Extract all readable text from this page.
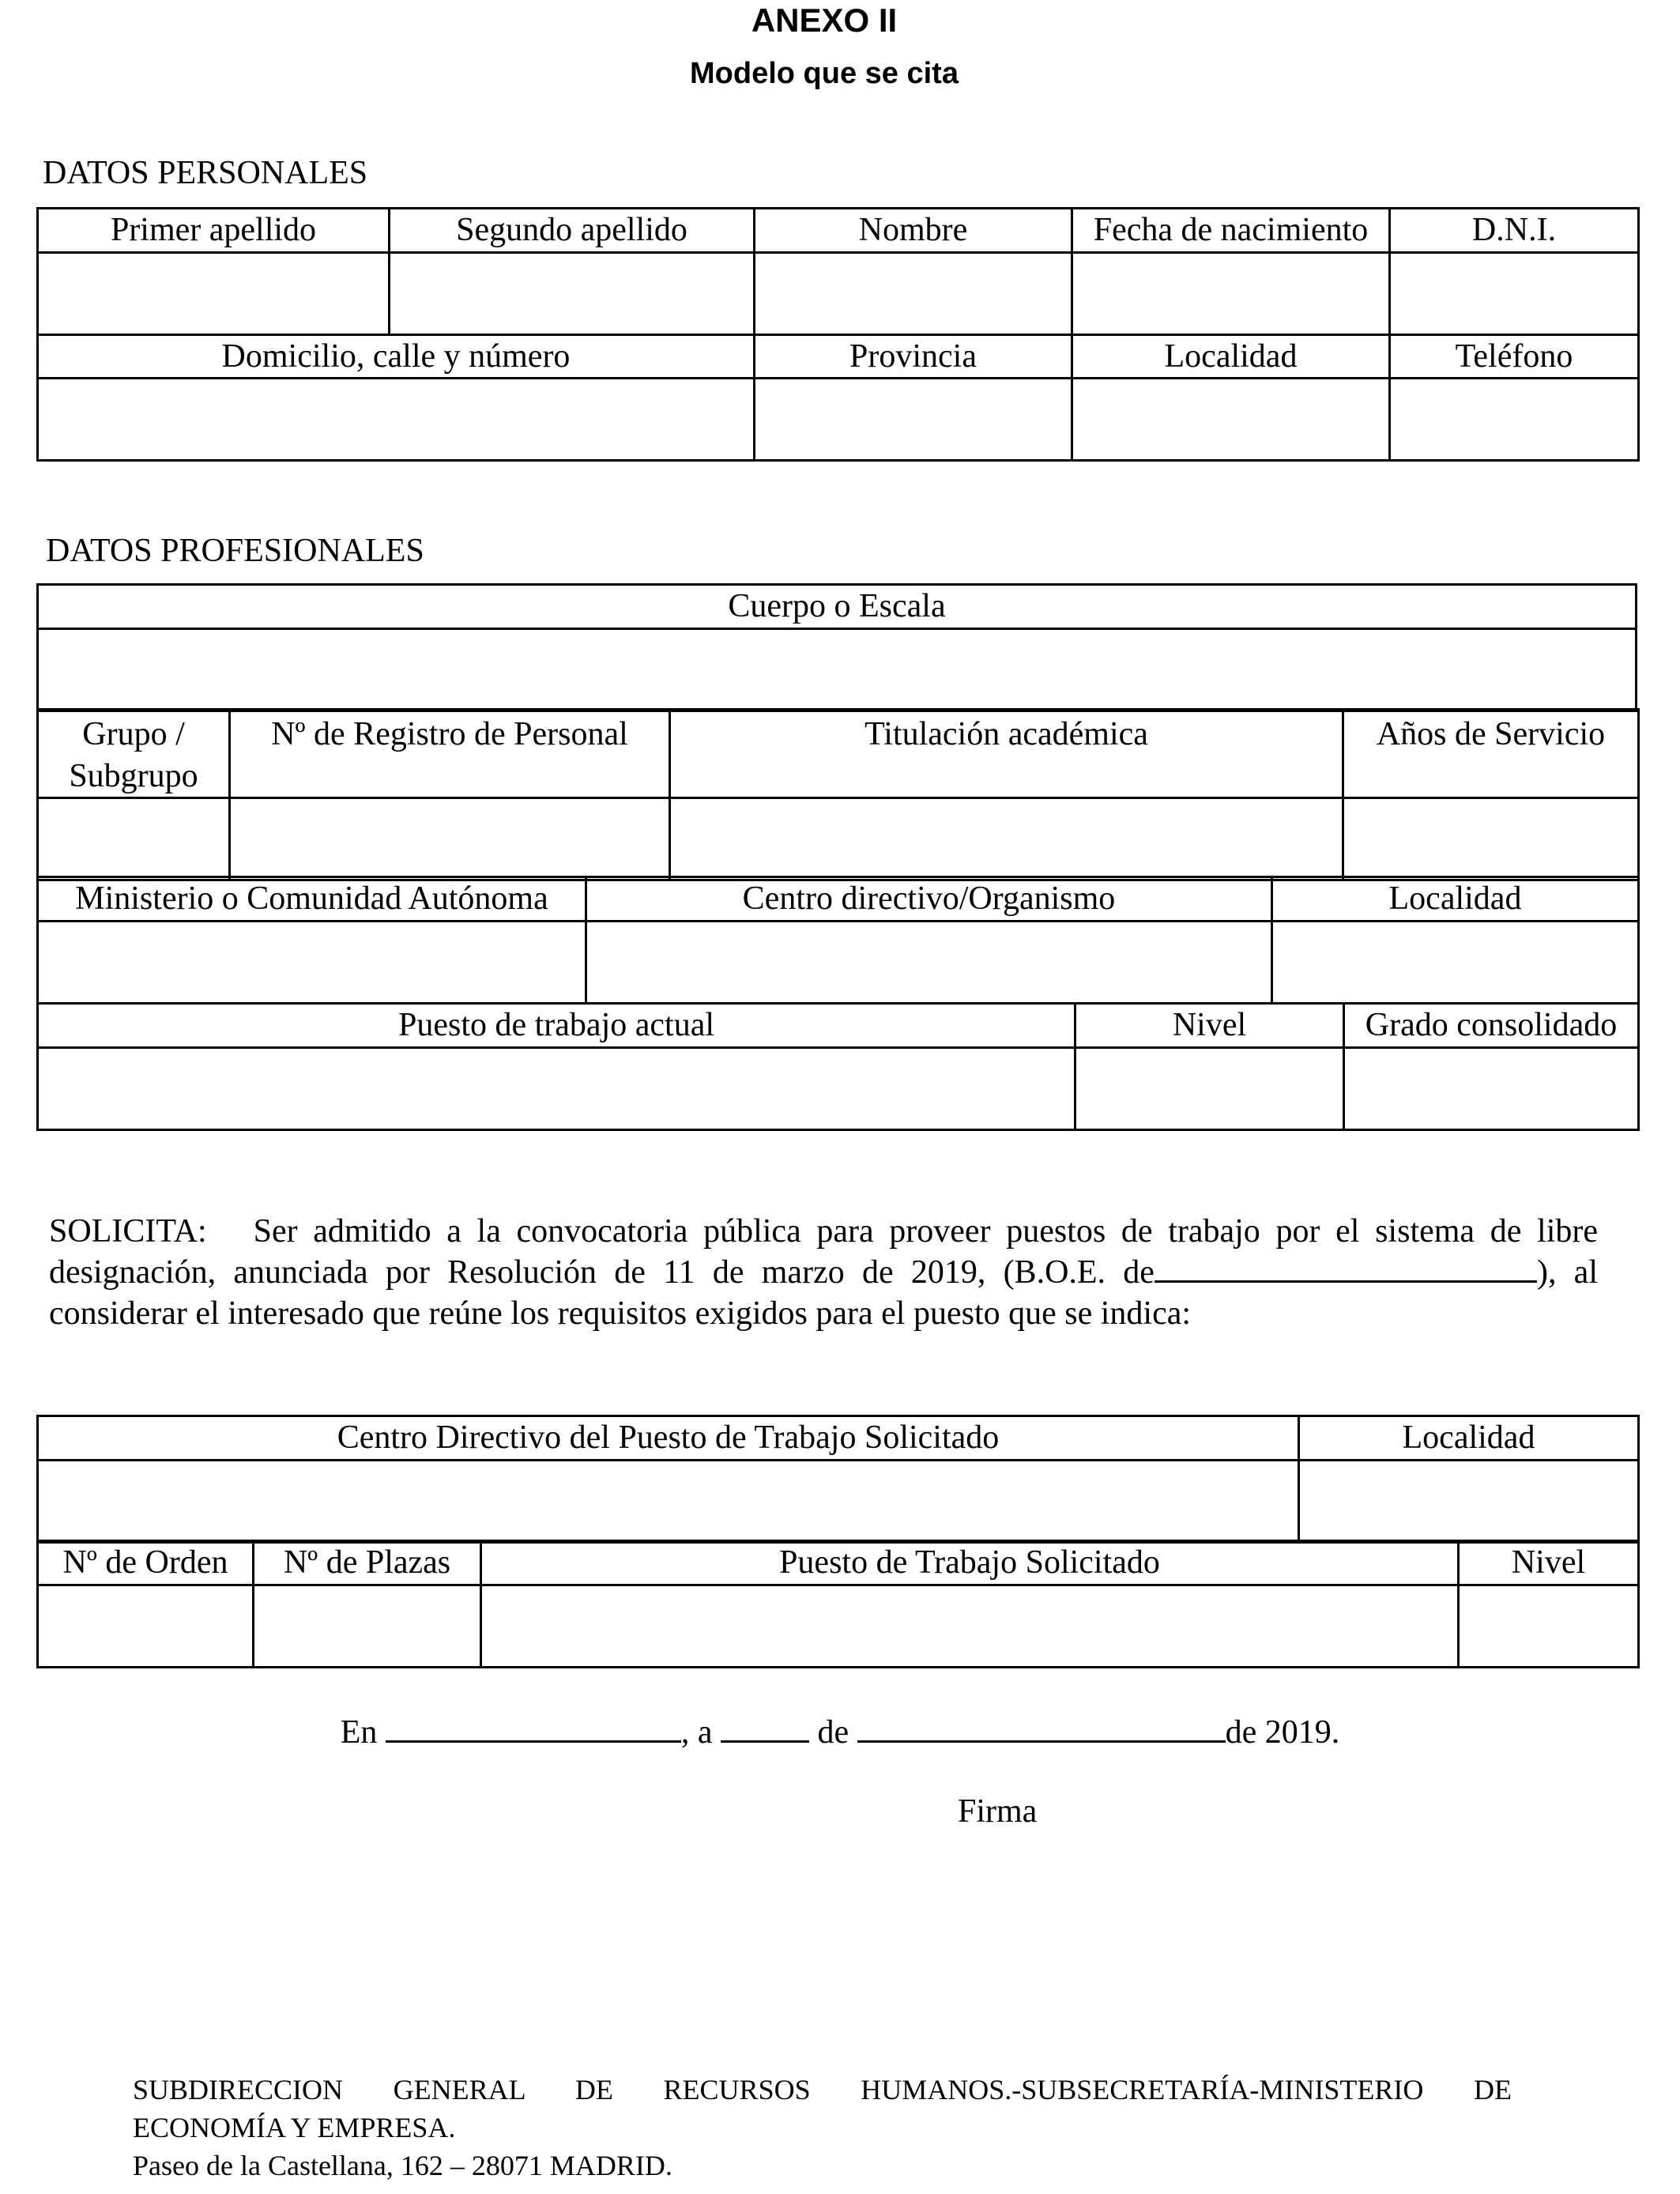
ANEXO II
Modelo que se cita
DATOS PERSONALES
Primer apellido	Segundo apellido	Nombre	Fecha de nacimiento	D.N.I.

Domicilio, calle y número		Provincia	Localidad	Teléfono

DATOS PROFESIONALES
Cuerpo o Escala

Grupo / Subgrupo	Nº de Registro de Personal	Titulación académica	Años de Servicio

Ministerio o Comunidad Autónoma	Centro directivo/Organismo	Localidad

Puesto de trabajo actual	Nivel	Grado consolidado

SOLICITA: Ser admitido a la convocatoria pública para proveer puestos de trabajo por el sistema de libre designación, anunciada por Resolución de 11 de marzo de 2019, (B.O.E. de	), al considerar el interesado que reúne los requisitos exigidos para el puesto que se indica:
Centro Directivo del Puesto de Trabajo Solicitado	Localidad

Nº de Orden	Nº de Plazas	Puesto de Trabajo Solicitado	Nivel

En	, a	de	de 2019.
Firma
SUBDIRECCION GENERAL DE RECURSOS HUMANOS.-SUBSECRETARÍA-MINISTERIO DE
ECONOMÍA Y EMPRESA.
Paseo de la Castellana, 162 – 28071 MADRID.
